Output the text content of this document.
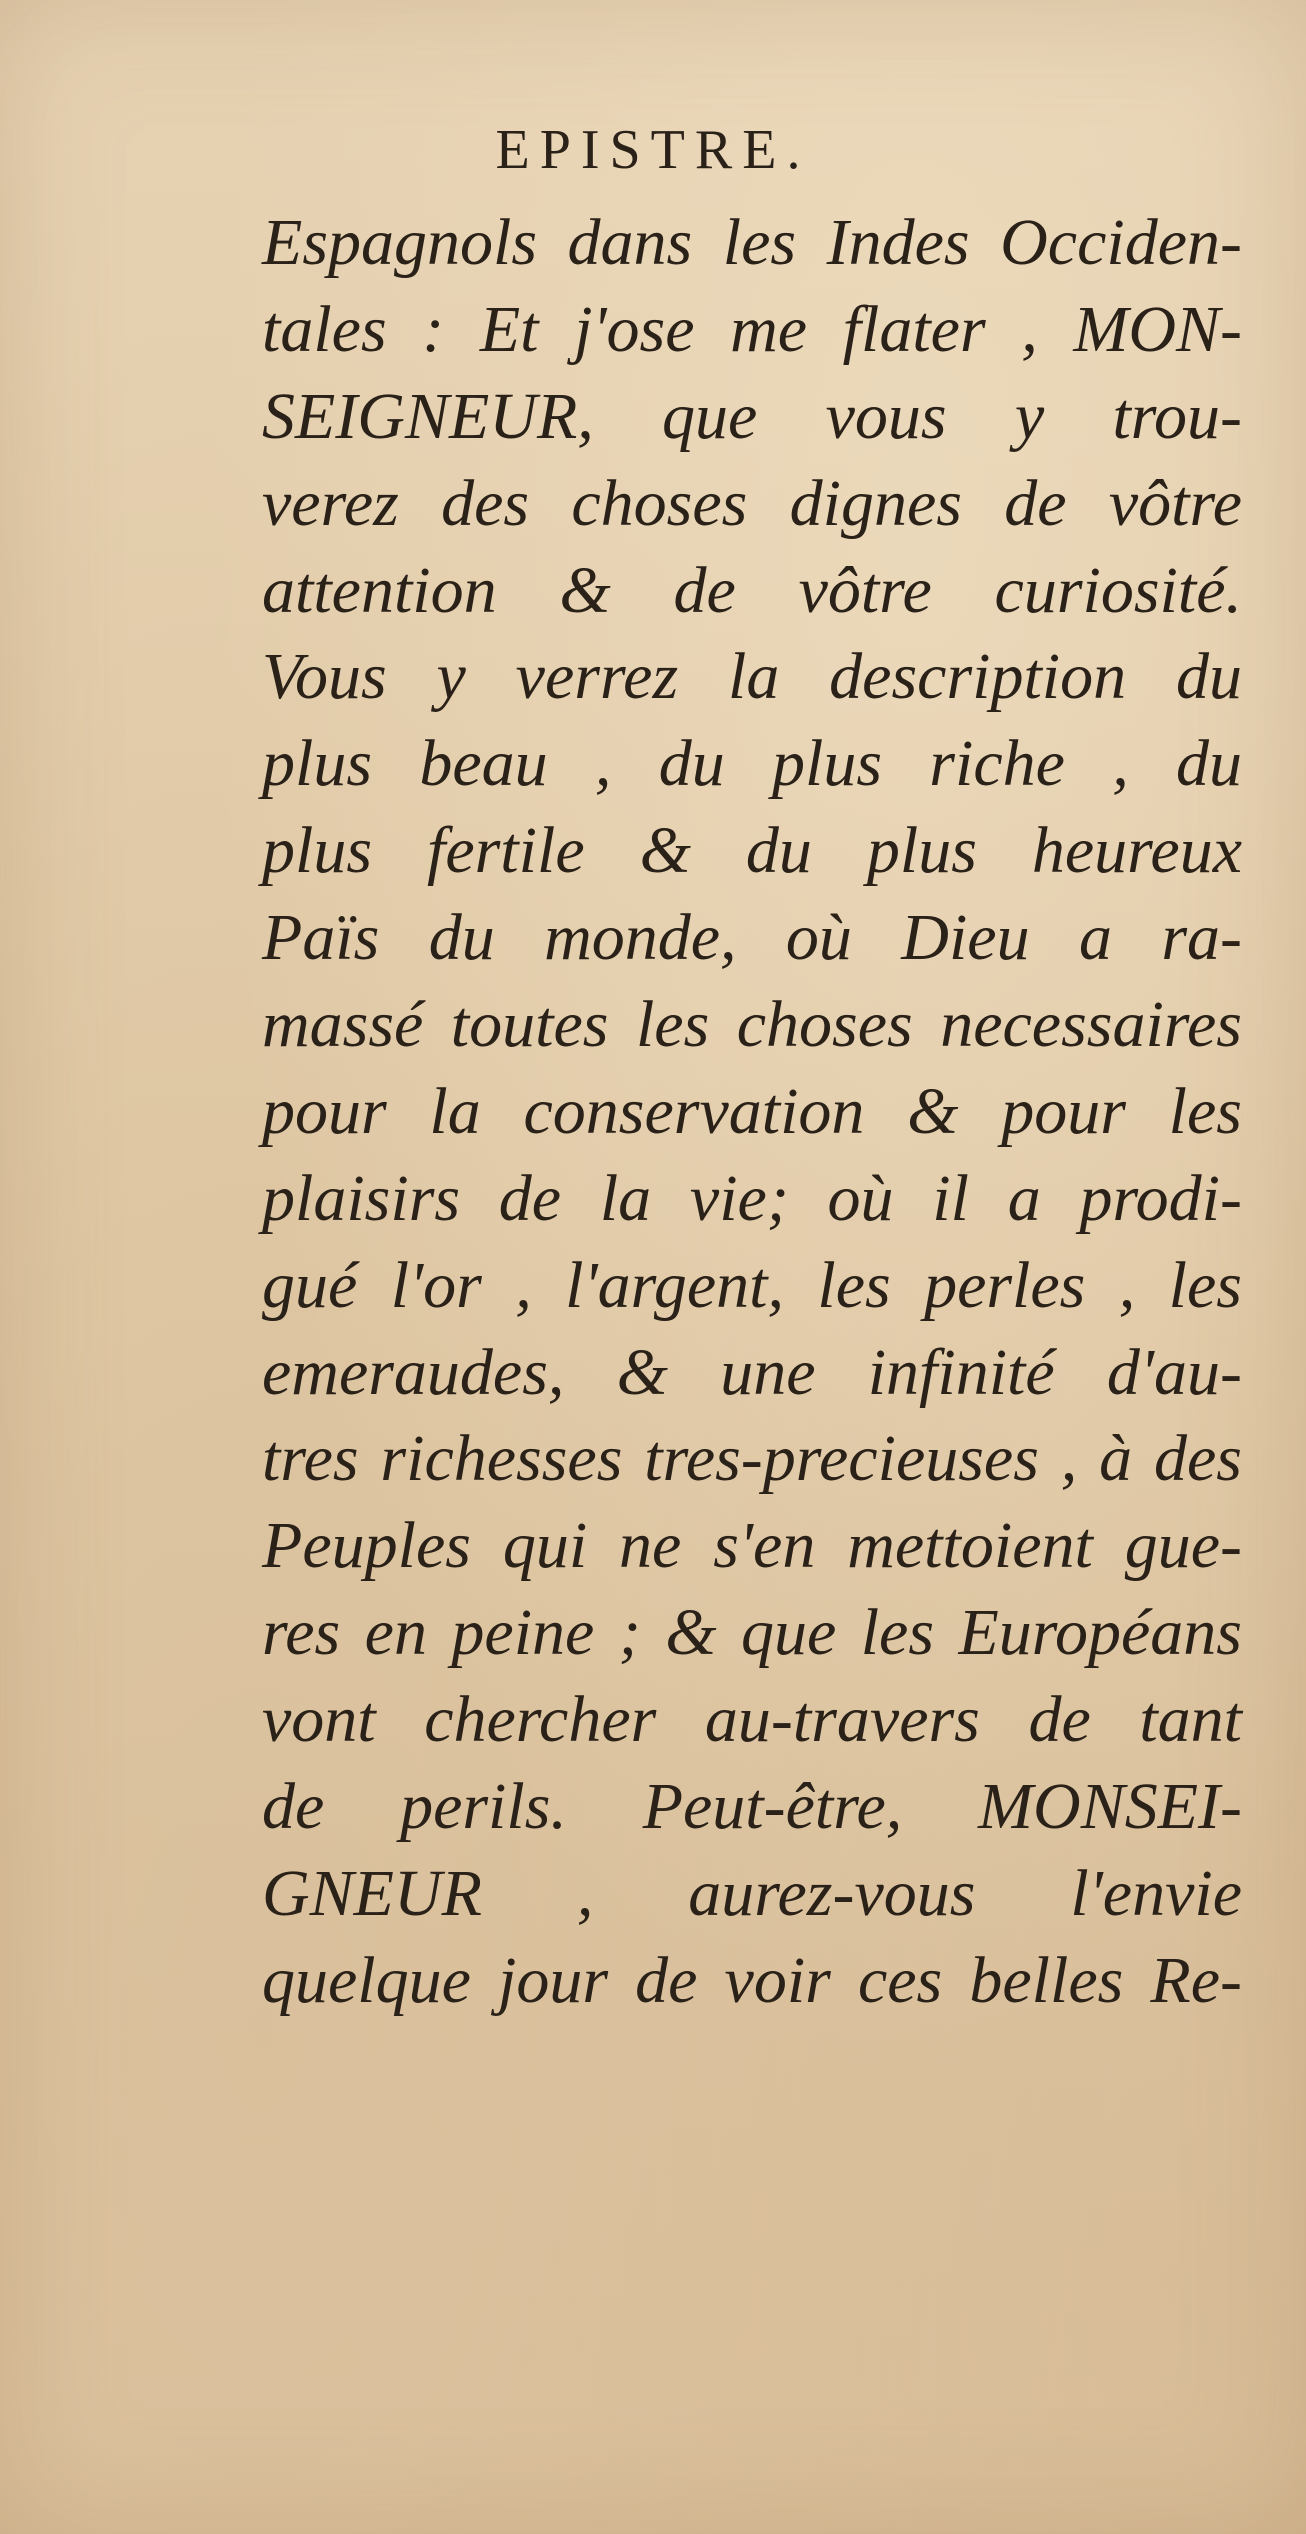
EPISTRE.
Espagnols dans les Indes Occiden-
tales : Et j'ose me flater , MON-
SEIGNEUR, que vous y trou-
verez des choses dignes de vôtre
attention & de vôtre curiosité.
Vous y verrez la description du
plus beau , du plus riche , du
plus fertile & du plus heureux
Païs du monde, où Dieu a ra-
massé toutes les choses necessaires
pour la conservation & pour les
plaisirs de la vie; où il a prodi-
gué l'or , l'argent, les perles , les
emeraudes, & une infinité d'au-
tres richesses tres-precieuses , à des
Peuples qui ne s'en mettoient gue-
res en peine ; & que les Européans
vont chercher au-travers de tant
de perils. Peut-être, MONSEI-
GNEUR , aurez-vous l'envie
quelque jour de voir ces belles Re-
